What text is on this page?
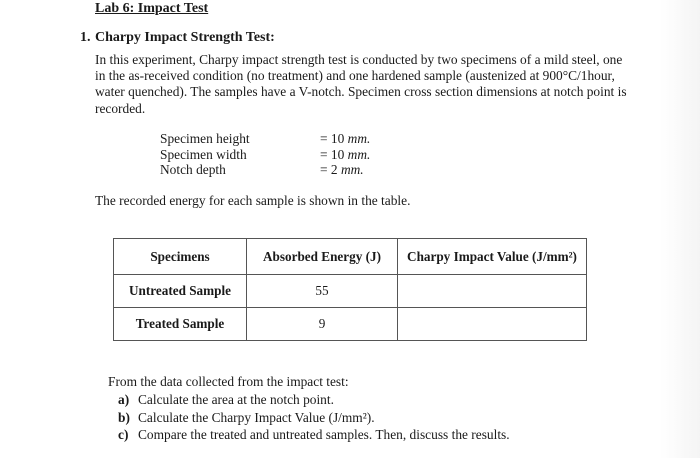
Lab 6: Impact Test
1. Charpy Impact Strength Test:
In this experiment, Charpy impact strength test is conducted by two specimens of a mild steel, one in the as-received condition (no treatment) and one hardened sample (austenized at 900°C/1hour, water quenched). The samples have a V-notch. Specimen cross section dimensions at notch point is recorded.
Specimen height	= 10 mm.
Specimen width	= 10 mm.
Notch depth	= 2 mm.
The recorded energy for each sample is shown in the table.
Specimens	Absorbed Energy (J)	Charpy Impact Value (J/mm²)
Untreated Sample	55	
Treated Sample	9	
From the data collected from the impact test:
a) Calculate the area at the notch point.
b) Calculate the Charpy Impact Value (J/mm²).
c) Compare the treated and untreated samples. Then, discuss the results.
